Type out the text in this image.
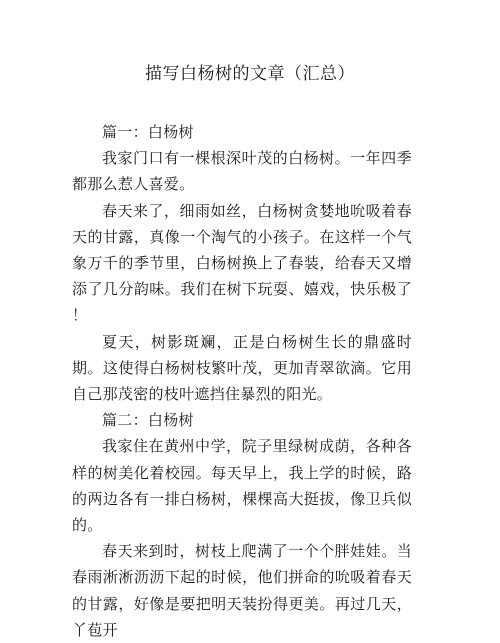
描写白杨树的文章（汇总）

篇一：白杨树

我家门口有一棵根深叶茂的白杨树。一年四季都那么惹人喜爱。

春天来了，细雨如丝，白杨树贪婪地吮吸着春天的甘露，真像一个淘气的小孩子。在这样一个气象万千的季节里，白杨树换上了春装，给春天又增添了几分韵味。我们在树下玩耍、嬉戏，快乐极了 ！

夏天，树影斑斓，正是白杨树生长的鼎盛时期。这使得白杨树枝繁叶茂，更加青翠欲滴。它用自己那茂密的枝叶遮挡住暴烈的阳光。

篇二：白杨树

我家住在黄州中学，院子里绿树成荫，各种各样的树美化着校园。每天早上，我上学的时候，路的两边各有一排白杨树，棵棵高大挺拔，像卫兵似的。

春天来到时，树枝上爬满了一个个胖娃娃。当春雨淅淅沥沥下起的时候，他们拼命的吮吸着春天的甘露，好像是要把明天装扮得更美。再过几天，丫苞开
